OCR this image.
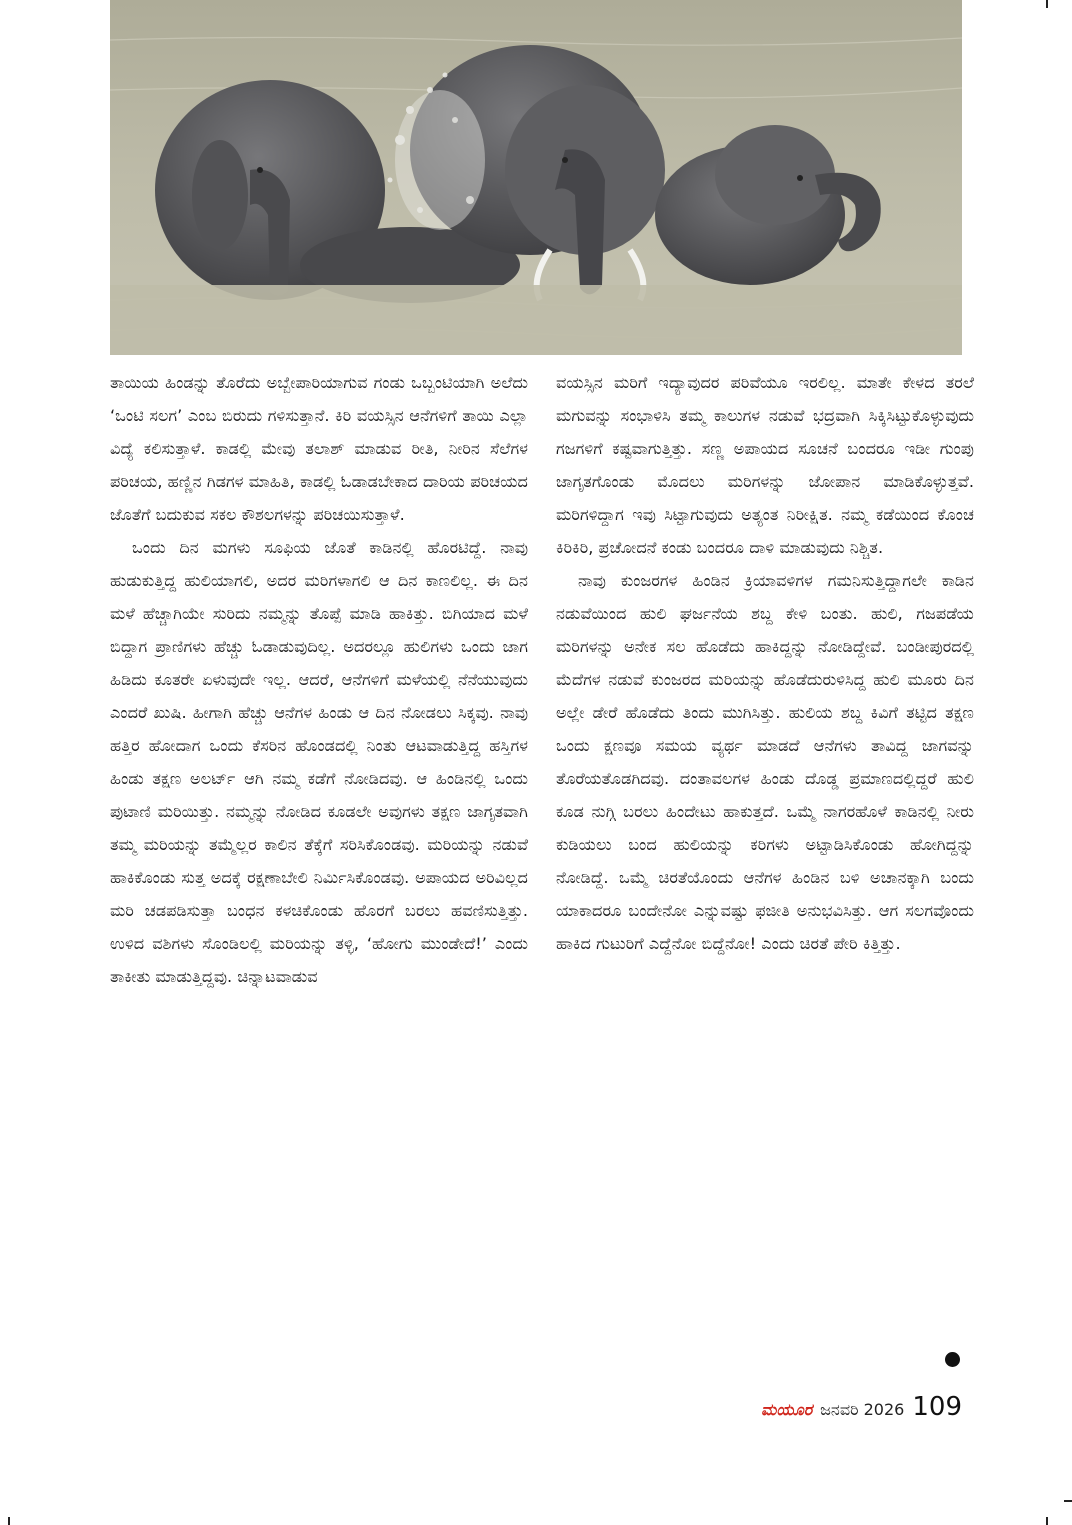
ತಾಯಿಯ ಹಿಂಡನ್ನು ತೊರೆದು ಅಬ್ಬೇಪಾರಿಯಾಗುವ ಗಂಡು ಒಬ್ಬಂಟಿಯಾಗಿ ಅಲೆದು ‘ಒಂಟಿ ಸಲಗ’ ಎಂಬ ಬಿರುದು ಗಳಿಸುತ್ತಾನೆ. ಕಿರಿ ವಯಸ್ಸಿನ ಆನೆಗಳಿಗೆ ತಾಯಿ ಎಲ್ಲಾ ವಿದ್ಯೆ ಕಲಿಸುತ್ತಾಳೆ. ಕಾಡಲ್ಲಿ ಮೇವು ತಲಾಶ್ ಮಾಡುವ ರೀತಿ, ನೀರಿನ ಸೆಲೆಗಳ ಪರಿಚಯ, ಹಣ್ಣಿನ ಗಿಡಗಳ ಮಾಹಿತಿ, ಕಾಡಲ್ಲಿ ಓಡಾಡಬೇಕಾದ ದಾರಿಯ ಪರಿಚಯದ ಜೊತೆಗೆ ಬದುಕುವ ಸಕಲ ಕೌಶಲಗಳನ್ನು ಪರಿಚಯಿಸುತ್ತಾಳೆ.

ಒಂದು ದಿನ ಮಗಳು ಸೂಫಿಯ ಜೊತೆ ಕಾಡಿನಲ್ಲಿ ಹೊರಟಿದ್ದೆ. ನಾವು ಹುಡುಕುತ್ತಿದ್ದ ಹುಲಿಯಾಗಲಿ, ಅದರ ಮರಿಗಳಾಗಲಿ ಆ ದಿನ ಕಾಣಲಿಲ್ಲ. ಈ ದಿನ ಮಳೆ ಹೆಚ್ಚಾಗಿಯೇ ಸುರಿದು ನಮ್ಮನ್ನು ತೊಪ್ಪೆ ಮಾಡಿ ಹಾಕಿತ್ತು. ಬಿಗಿಯಾದ ಮಳೆ ಬಿದ್ದಾಗ ಪ್ರಾಣಿಗಳು ಹೆಚ್ಚು ಓಡಾಡುವುದಿಲ್ಲ. ಅದರಲ್ಲೂ ಹುಲಿಗಳು ಒಂದು ಜಾಗ ಹಿಡಿದು ಕೂತರೇ ಏಳುವುದೇ ಇಲ್ಲ. ಆದರೆ, ಆನೆಗಳಿಗೆ ಮಳೆಯಲ್ಲಿ ನೆನೆಯುವುದು ಎಂದರೆ ಖುಷಿ. ಹೀಗಾಗಿ ಹೆಚ್ಚು ಆನೆಗಳ ಹಿಂಡು ಆ ದಿನ ನೋಡಲು ಸಿಕ್ಕವು. ನಾವು ಹತ್ತಿರ ಹೋದಾಗ ಒಂದು ಕೆಸರಿನ ಹೊಂಡದಲ್ಲಿ ನಿಂತು ಆಟವಾಡುತ್ತಿದ್ದ ಹಸ್ತಿಗಳ ಹಿಂಡು ತಕ್ಷಣ ಅಲರ್ಟ್ ಆಗಿ ನಮ್ಮ ಕಡೆಗೆ ನೋಡಿದವು. ಆ ಹಿಂಡಿನಲ್ಲಿ ಒಂದು ಪುಟಾಣಿ ಮರಿಯಿತ್ತು. ನಮ್ಮನ್ನು ನೋಡಿದ ಕೂಡಲೇ ಅವುಗಳು ತಕ್ಷಣ ಜಾಗೃತವಾಗಿ ತಮ್ಮ ಮರಿಯನ್ನು ತಮ್ಮೆಲ್ಲರ ಕಾಲಿನ ತೆಕ್ಕೆಗೆ ಸರಿಸಿಕೊಂಡವು. ಮರಿಯನ್ನು ನಡುವೆ ಹಾಕಿಕೊಂಡು ಸುತ್ತ ಅದಕ್ಕೆ ರಕ್ಷಣಾಬೇಲಿ ನಿರ್ಮಿಸಿಕೊಂಡವು. ಅಪಾಯದ ಅರಿವಿಲ್ಲದ ಮರಿ ಚಡಪಡಿಸುತ್ತಾ ಬಂಧನ ಕಳಚಿಕೊಂಡು ಹೊರಗೆ ಬರಲು ಹವಣಿಸುತ್ತಿತ್ತು. ಉಳಿದ ವಶಿಗಳು ಸೊಂಡಿಲಲ್ಲಿ ಮರಿಯನ್ನು ತಳ್ಳಿ, ‘ಹೋಗು ಮುಂಡೇದೆ!’ ಎಂದು ತಾಕೀತು ಮಾಡುತ್ತಿದ್ದವು. ಚಿನ್ನಾಟವಾಡುವ

ವಯಸ್ಸಿನ ಮರಿಗೆ ಇದ್ಯಾವುದರ ಪರಿವೆಯೂ ಇರಲಿಲ್ಲ. ಮಾತೇ ಕೇಳದ ತರಲೆ ಮಗುವನ್ನು ಸಂಭಾಳಿಸಿ ತಮ್ಮ ಕಾಲುಗಳ ನಡುವೆ ಭದ್ರವಾಗಿ ಸಿಕ್ಕಿಸಿಟ್ಟುಕೊಳ್ಳುವುದು ಗಜಗಳಿಗೆ ಕಷ್ಟವಾಗುತ್ತಿತ್ತು. ಸಣ್ಣ ಅಪಾಯದ ಸೂಚನೆ ಬಂದರೂ ಇಡೀ ಗುಂಪು ಜಾಗೃತಗೊಂಡು ಮೊದಲು ಮರಿಗಳನ್ನು ಜೋಪಾನ ಮಾಡಿಕೊಳ್ಳುತ್ತವೆ. ಮರಿಗಳಿದ್ದಾಗ ಇವು ಸಿಟ್ಟಾಗುವುದು ಅತ್ಯಂತ ನಿರೀಕ್ಷಿತ. ನಮ್ಮ ಕಡೆಯಿಂದ ಕೊಂಚ ಕಿರಿಕಿರಿ, ಪ್ರಚೋದನೆ ಕಂಡು ಬಂದರೂ ದಾಳಿ ಮಾಡುವುದು ನಿಶ್ಚಿತ.

ನಾವು ಕುಂಜರಗಳ ಹಿಂಡಿನ ಕ್ರಿಯಾವಳಿಗಳ ಗಮನಿಸುತ್ತಿದ್ದಾಗಲೇ ಕಾಡಿನ ನಡುವೆಯಿಂದ ಹುಲಿ ಘರ್ಜನೆಯ ಶಬ್ದ ಕೇಳಿ ಬಂತು. ಹುಲಿ, ಗಜಪಡೆಯ ಮರಿಗಳನ್ನು ಅನೇಕ ಸಲ ಹೊಡೆದು ಹಾಕಿದ್ದನ್ನು ನೋಡಿದ್ದೇವೆ. ಬಂಡೀಪುರದಲ್ಲಿ ಮೆದೆಗಳ ನಡುವೆ ಕುಂಜರದ ಮರಿಯನ್ನು ಹೊಡೆದುರುಳಿಸಿದ್ದ ಹುಲಿ ಮೂರು ದಿನ ಅಲ್ಲೇ ಡೇರೆ ಹೊಡೆದು ತಿಂದು ಮುಗಿಸಿತ್ತು. ಹುಲಿಯ ಶಬ್ದ ಕಿವಿಗೆ ತಟ್ಟಿದ ತಕ್ಷಣ ಒಂದು ಕ್ಷಣವೂ ಸಮಯ ವ್ಯರ್ಥ ಮಾಡದೆ ಆನೆಗಳು ತಾವಿದ್ದ ಜಾಗವನ್ನು ತೊರೆಯತೊಡಗಿದವು. ದಂತಾವಲಗಳ ಹಿಂಡು ದೊಡ್ಡ ಪ್ರಮಾಣದಲ್ಲಿದ್ದರೆ ಹುಲಿ ಕೂಡ ನುಗ್ಗಿ ಬರಲು ಹಿಂದೇಟು ಹಾಕುತ್ತದೆ. ಒಮ್ಮೆ ನಾಗರಹೊಳೆ ಕಾಡಿನಲ್ಲಿ ನೀರು ಕುಡಿಯಲು ಬಂದ ಹುಲಿಯನ್ನು ಕರಿಗಳು ಅಟ್ಟಾಡಿಸಿಕೊಂಡು ಹೋಗಿದ್ದನ್ನು ನೋಡಿದ್ದೆ. ಒಮ್ಮೆ ಚಿರತೆಯೊಂದು ಆನೆಗಳ ಹಿಂಡಿನ ಬಳಿ ಅಚಾನಕ್ಕಾಗಿ ಬಂದು ಯಾಕಾದರೂ ಬಂದೇನೋ ಎನ್ನುವಷ್ಟು ಫಜೀತಿ ಅನುಭವಿಸಿತ್ತು. ಆಗ ಸಲಗವೊಂದು ಹಾಕಿದ ಗುಟುರಿಗೆ ಎದ್ದೆನೋ ಬಿದ್ದೆನೋ! ಎಂದು ಚಿರತೆ ಪೇರಿ ಕಿತ್ತಿತ್ತು.

ಮಯೂರ ಜನವರಿ 2026 109
